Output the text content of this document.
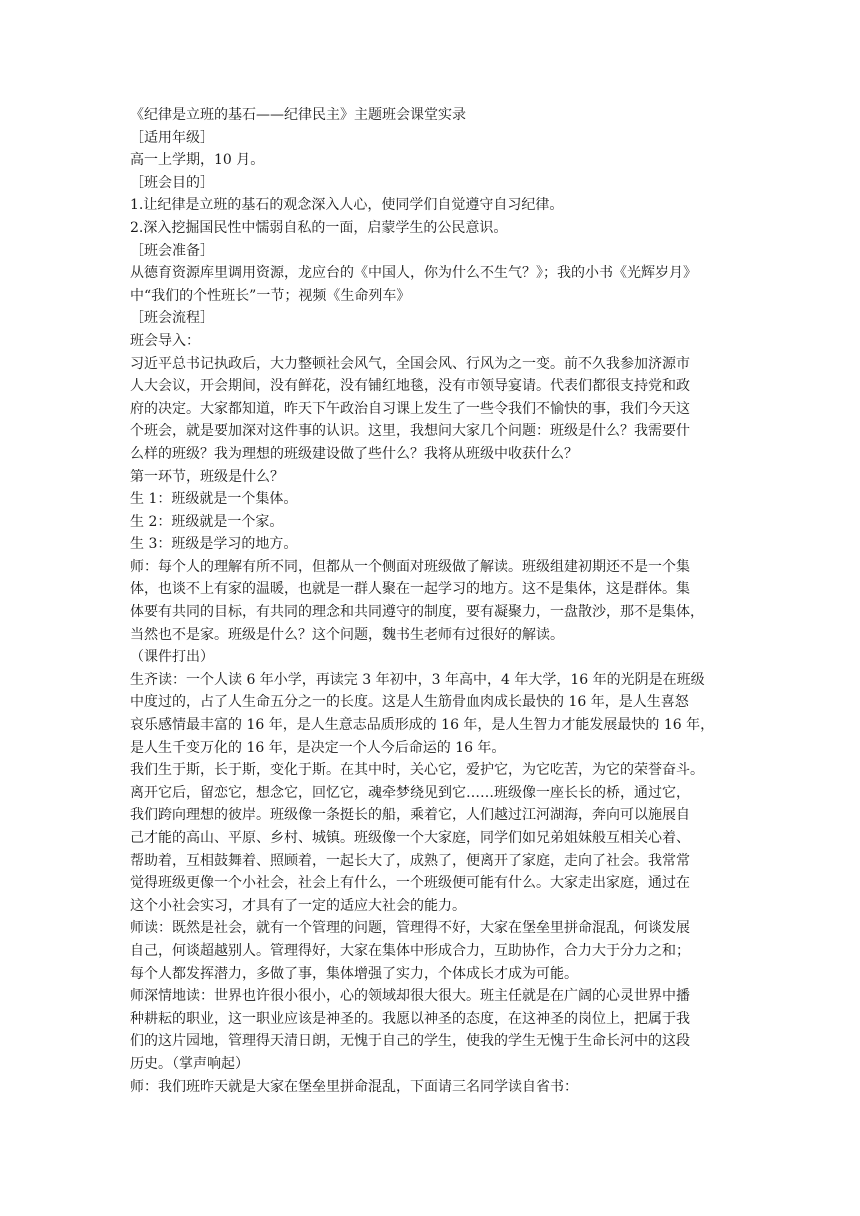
《纪律是立班的基石——纪律民主》主题班会课堂实录
［适用年级］
高一上学期，10 月。
［班会目的］
1.让纪律是立班的基石的观念深入人心，使同学们自觉遵守自习纪律。
2.深入挖掘国民性中懦弱自私的一面，启蒙学生的公民意识。
［班会准备］
从德育资源库里调用资源，龙应台的《中国人，你为什么不生气？》；我的小书《光辉岁月》
中“我们的个性班长”一节；视频《生命列车》
［班会流程］
班会导入：
习近平总书记执政后，大力整顿社会风气，全国会风、行风为之一变。前不久我参加济源市
人大会议，开会期间，没有鲜花，没有铺红地毯，没有市领导宴请。代表们都很支持党和政
府的决定。大家都知道，昨天下午政治自习课上发生了一些令我们不愉快的事，我们今天这
个班会，就是要加深对这件事的认识。这里，我想问大家几个问题：班级是什么？我需要什
么样的班级？我为理想的班级建设做了些什么？我将从班级中收获什么？
第一环节，班级是什么？
生 1：班级就是一个集体。
生 2：班级就是一个家。
生 3：班级是学习的地方。
师：每个人的理解有所不同，但都从一个侧面对班级做了解读。班级组建初期还不是一个集
体，也谈不上有家的温暖，也就是一群人聚在一起学习的地方。这不是集体，这是群体。集
体要有共同的目标，有共同的理念和共同遵守的制度，要有凝聚力，一盘散沙，那不是集体，
当然也不是家。班级是什么？这个问题，魏书生老师有过很好的解读。
（课件打出）
生齐读：一个人读 6 年小学，再读完 3 年初中，3 年高中，4 年大学，16 年的光阴是在班级
中度过的，占了人生命五分之一的长度。这是人生筋骨血肉成长最快的 16 年，是人生喜怒
哀乐感情最丰富的 16 年，是人生意志品质形成的 16 年，是人生智力才能发展最快的 16 年，
是人生千变万化的 16 年，是决定一个人今后命运的 16 年。
我们生于斯，长于斯，变化于斯。在其中时，关心它，爱护它，为它吃苦，为它的荣誉奋斗。
离开它后，留恋它，想念它，回忆它，魂牵梦绕见到它……班级像一座长长的桥，通过它，
我们跨向理想的彼岸。班级像一条挺长的船，乘着它，人们越过江河湖海，奔向可以施展自
己才能的高山、平原、乡村、城镇。班级像一个大家庭，同学们如兄弟姐妹般互相关心着、
帮助着，互相鼓舞着、照顾着，一起长大了，成熟了，便离开了家庭，走向了社会。我常常
觉得班级更像一个小社会，社会上有什么，一个班级便可能有什么。大家走出家庭，通过在
这个小社会实习，才具有了一定的适应大社会的能力。
师读：既然是社会，就有一个管理的问题，管理得不好，大家在堡垒里拼命混乱，何谈发展
自己，何谈超越别人。管理得好，大家在集体中形成合力，互助协作，合力大于分力之和；
每个人都发挥潜力，多做了事，集体增强了实力，个体成长才成为可能。
师深情地读：世界也许很小很小，心的领域却很大很大。班主任就是在广阔的心灵世界中播
种耕耘的职业，这一职业应该是神圣的。我愿以神圣的态度，在这神圣的岗位上，把属于我
们的这片园地，管理得天清日朗，无愧于自己的学生，使我的学生无愧于生命长河中的这段
历史。（掌声响起）
师：我们班昨天就是大家在堡垒里拼命混乱，下面请三名同学读自省书：
